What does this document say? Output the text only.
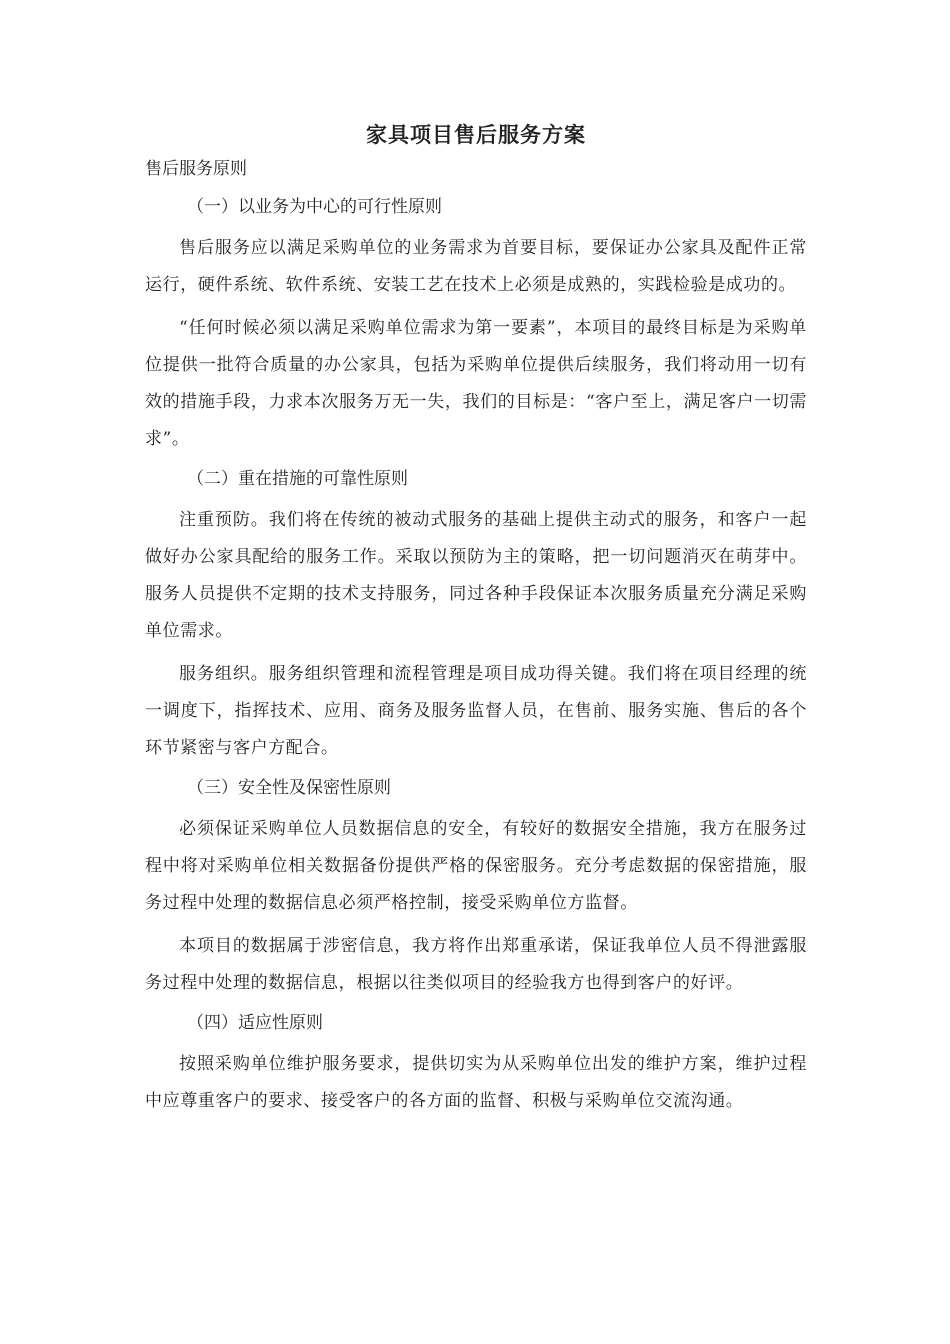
家具项目售后服务方案
售后服务原则
（一）以业务为中心的可行性原则

售后服务应以满足采购单位的业务需求为首要目标，要保证办公家具及配件正常运行，硬件系统、软件系统、安装工艺在技术上必须是成熟的，实践检验是成功的。

“任何时候必须以满足采购单位需求为第一要素”，本项目的最终目标是为采购单位提供一批符合质量的办公家具，包括为采购单位提供后续服务，我们将动用一切有效的措施手段，力求本次服务万无一失，我们的目标是：“客户至上，满足客户一切需求”。

（二）重在措施的可靠性原则

注重预防。我们将在传统的被动式服务的基础上提供主动式的服务，和客户一起做好办公家具配给的服务工作。采取以预防为主的策略，把一切问题消灭在萌芽中。服务人员提供不定期的技术支持服务，同过各种手段保证本次服务质量充分满足采购单位需求。

服务组织。服务组织管理和流程管理是项目成功得关键。我们将在项目经理的统一调度下，指挥技术、应用、商务及服务监督人员，在售前、服务实施、售后的各个环节紧密与客户方配合。

（三）安全性及保密性原则

必须保证采购单位人员数据信息的安全，有较好的数据安全措施，我方在服务过程中将对采购单位相关数据备份提供严格的保密服务。充分考虑数据的保密措施，服务过程中处理的数据信息必须严格控制，接受采购单位方监督。

本项目的数据属于涉密信息，我方将作出郑重承诺，保证我单位人员不得泄露服务过程中处理的数据信息，根据以往类似项目的经验我方也得到客户的好评。

（四）适应性原则

按照采购单位维护服务要求，提供切实为从采购单位出发的维护方案，维护过程中应尊重客户的要求、接受客户的各方面的监督、积极与采购单位交流沟通。
